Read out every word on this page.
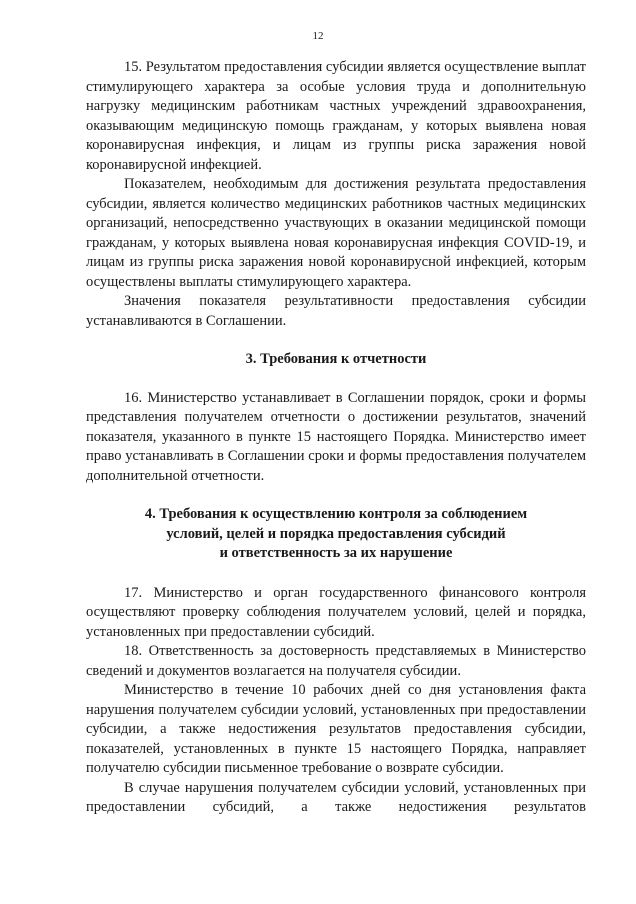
12

15. Результатом предоставления субсидии является осуществление выплат стимулирующего характера за особые условия труда и дополнительную нагрузку медицинским работникам частных учреждений здравоохранения, оказывающим медицинскую помощь гражданам, у которых выявлена новая коронавирусная инфекция, и лицам из группы риска заражения новой коронавирусной инфекцией.

Показателем, необходимым для достижения результата предоставления субсидии, является количество медицинских работников частных медицинских организаций, непосредственно участвующих в оказании медицинской помощи гражданам, у которых выявлена новая коронавирусная инфекция COVID-19, и лицам из группы риска заражения новой коронавирусной инфекцией, которым осуществлены выплаты стимулирующего характера.

Значения показателя результативности предоставления субсидии устанавливаются в Соглашении.

3. Требования к отчетности

16. Министерство устанавливает в Соглашении порядок, сроки и формы представления получателем отчетности о достижении результатов, значений показателя, указанного в пункте 15 настоящего Порядка. Министерство имеет право устанавливать в Соглашении сроки и формы предоставления получателем дополнительной отчетности.

4. Требования к осуществлению контроля за соблюдением
условий, целей и порядка предоставления субсидий
и ответственность за их нарушение

17. Министерство и орган государственного финансового контроля осуществляют проверку соблюдения получателем условий, целей и порядка, установленных при предоставлении субсидий.

18. Ответственность за достоверность представляемых в Министерство сведений и документов возлагается на получателя субсидии.

Министерство в течение 10 рабочих дней со дня установления факта нарушения получателем субсидии условий, установленных при предоставлении субсидии, а также недостижения результатов предоставления субсидии, показателей, установленных в пункте 15 настоящего Порядка, направляет получателю субсидии письменное требование о возврате субсидии.

В случае нарушения получателем субсидии условий, установленных при предоставлении субсидий, а также недостижения результатов
